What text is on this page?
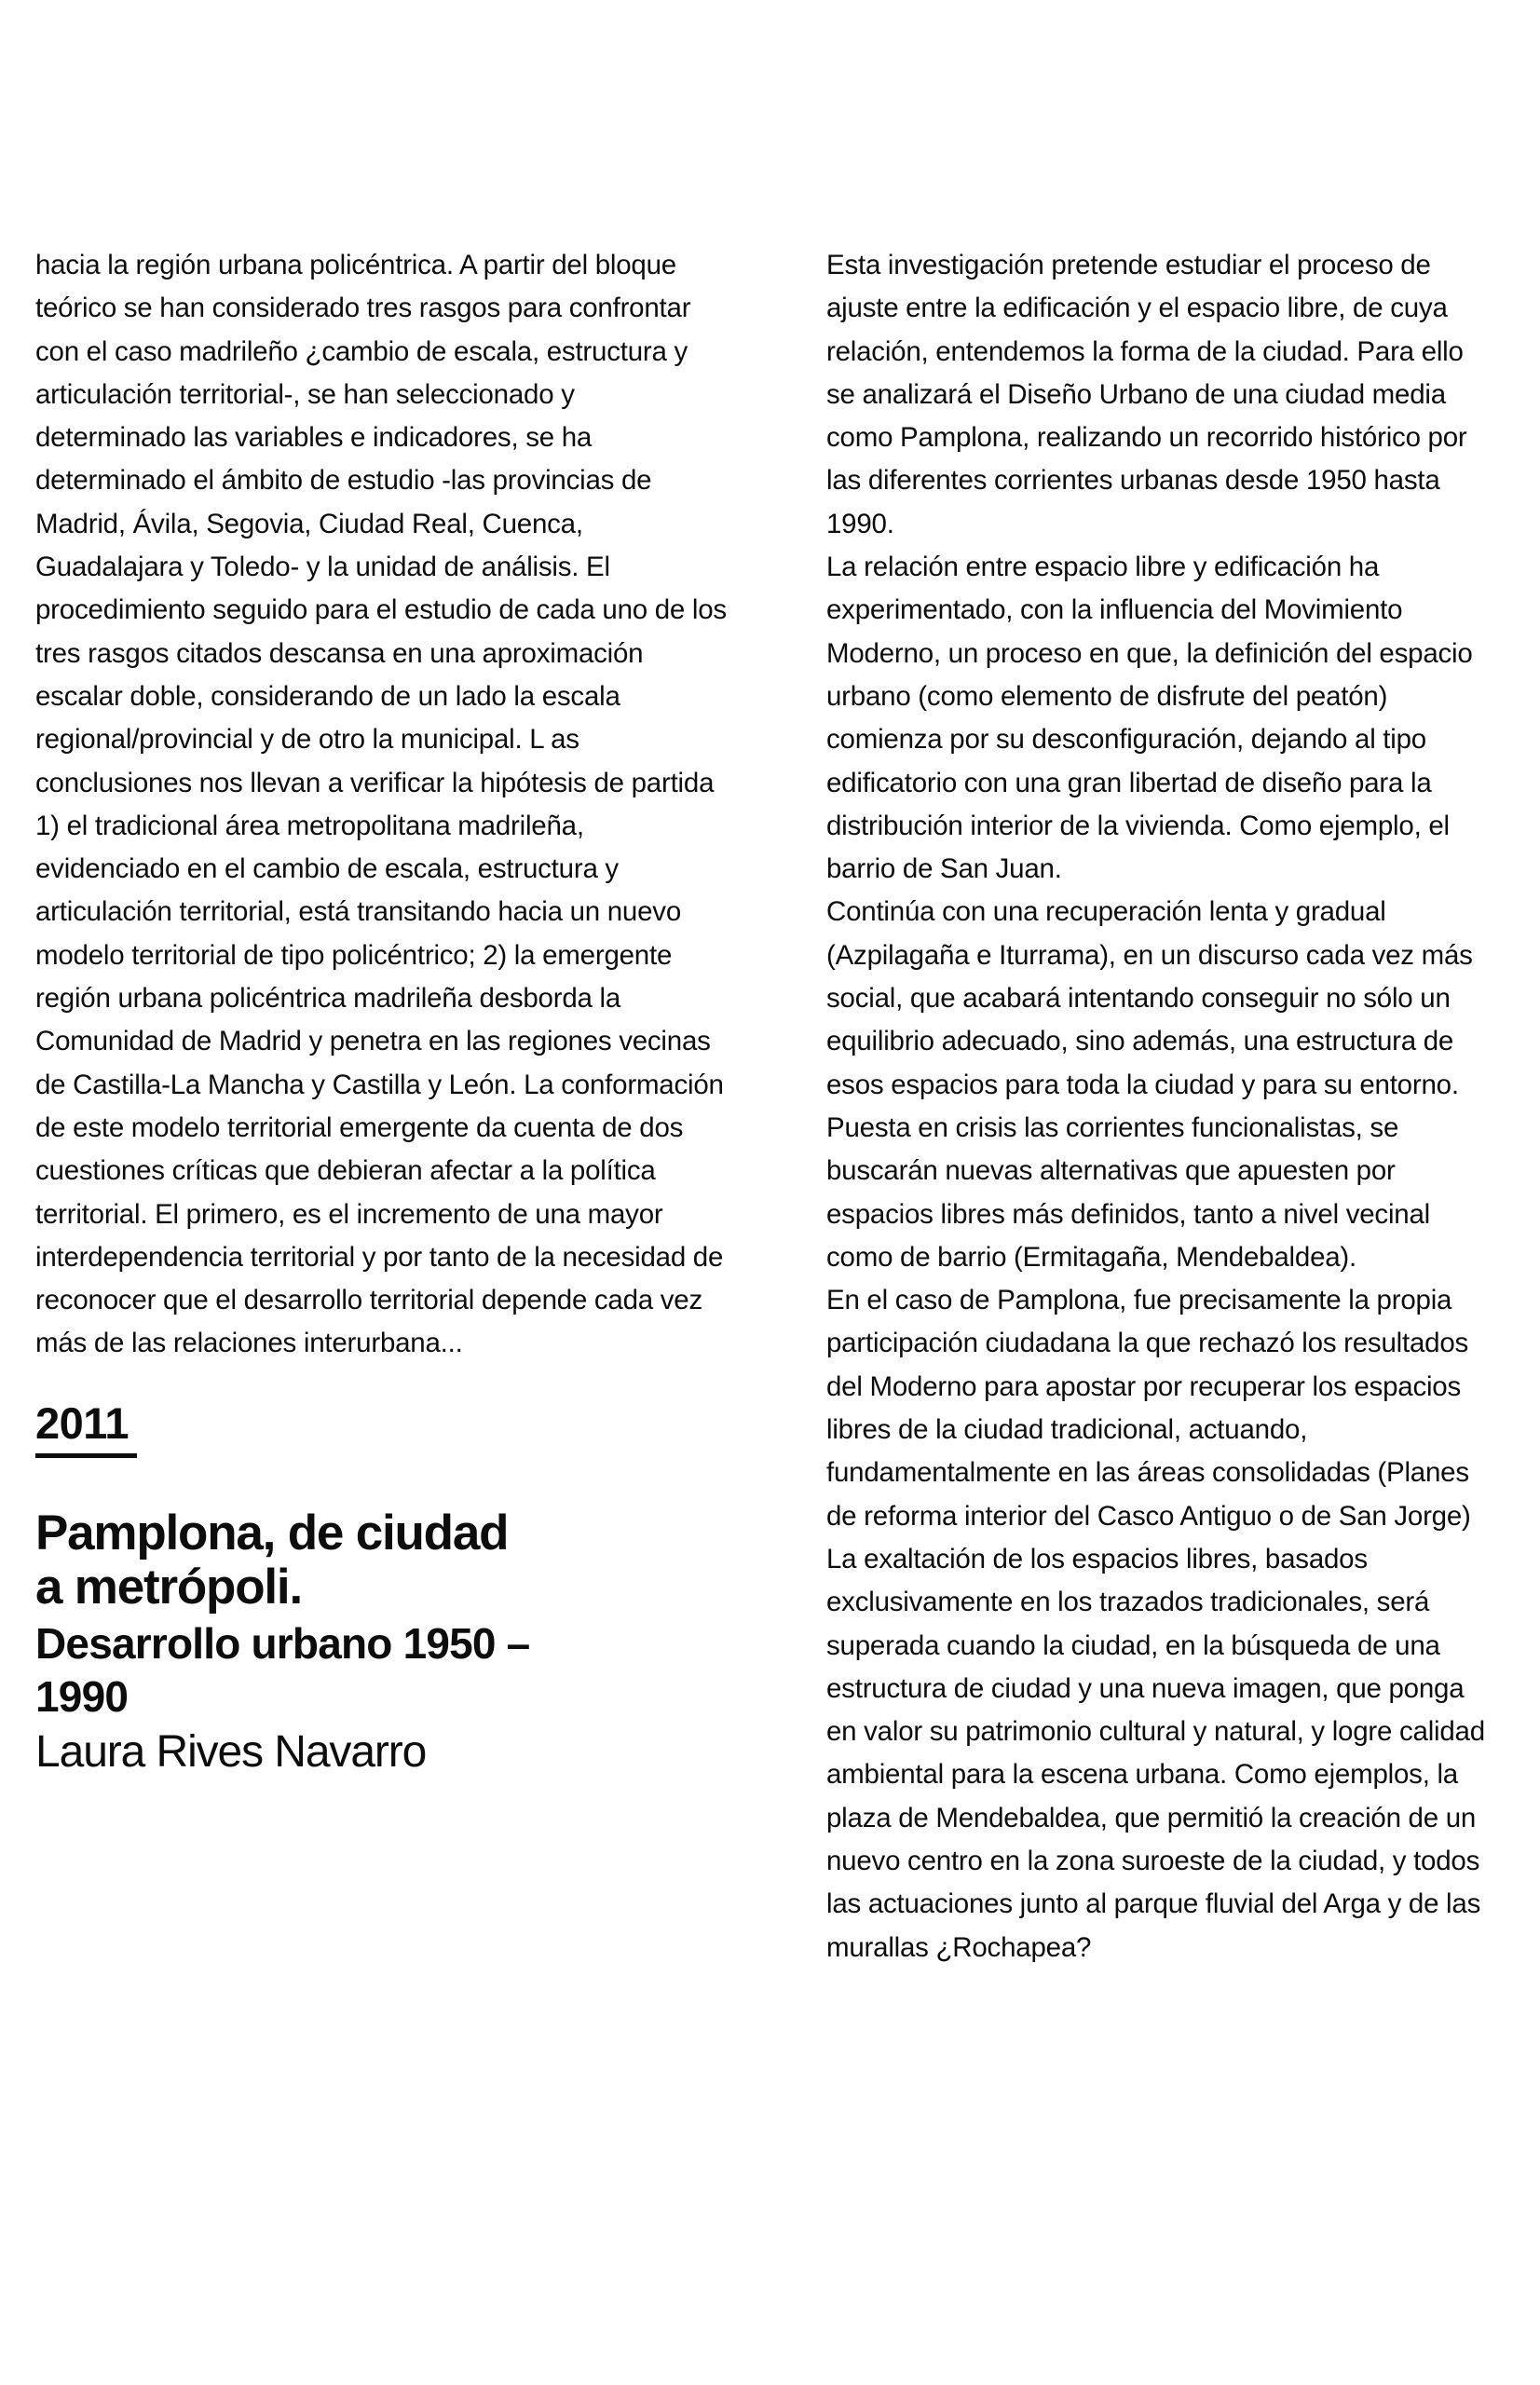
hacia la región urbana policéntrica. A partir del bloque teórico se han considerado tres rasgos para confrontar con el caso madrileño ¿cambio de escala, estructura y articulación territorial-, se han seleccionado y determinado las variables e indicadores, se ha determinado el ámbito de estudio -las provincias de Madrid, Ávila, Segovia, Ciudad Real, Cuenca, Guadalajara y Toledo- y la unidad de análisis. El procedimiento seguido para el estudio de cada uno de los tres rasgos citados descansa en una aproximación escalar doble, considerando de un lado la escala regional/provincial y de otro la municipal. L as conclusiones nos llevan a verificar la hipótesis de partida 1) el tradicional área metropolitana madrileña, evidenciado en el cambio de escala, estructura y articulación territorial, está transitando hacia un nuevo modelo territorial de tipo policéntrico; 2) la emergente región urbana policéntrica madrileña desborda la Comunidad de Madrid y penetra en las regiones vecinas de Castilla-La Mancha y Castilla y León. La conformación de este modelo territorial emergente da cuenta de dos cuestiones críticas que debieran afectar a la política territorial. El primero, es el incremento de una mayor interdependencia territorial y por tanto de la necesidad de reconocer que el desarrollo territorial depende cada vez más de las relaciones interurbana...

2011
Pamplona, de ciudad a metrópoli.
Desarrollo urbano 1950 – 1990
Laura Rives Navarro

Esta investigación pretende estudiar el proceso de ajuste entre la edificación y el espacio libre, de cuya relación, entendemos la forma de la ciudad. Para ello se analizará el Diseño Urbano de una ciudad media como Pamplona, realizando un recorrido histórico por las diferentes corrientes urbanas desde 1950 hasta 1990.

La relación entre espacio libre y edificación ha experimentado, con la influencia del Movimiento Moderno, un proceso en que, la definición del espacio urbano (como elemento de disfrute del peatón) comienza por su desconfiguración, dejando al tipo edificatorio con una gran libertad de diseño para la distribución interior de la vivienda. Como ejemplo, el barrio de San Juan.

Continúa con una recuperación lenta y gradual (Azpilagaña e Iturrama), en un discurso cada vez más social, que acabará intentando conseguir no sólo un equilibrio adecuado, sino además, una estructura de esos espacios para toda la ciudad y para su entorno.

Puesta en crisis las corrientes funcionalistas, se buscarán nuevas alternativas que apuesten por espacios libres más definidos, tanto a nivel vecinal como de barrio (Ermitagaña, Mendebaldea).

En el caso de Pamplona, fue precisamente la propia participación ciudadana la que rechazó los resultados del Moderno para apostar por recuperar los espacios libres de la ciudad tradicional, actuando, fundamentalmente en las áreas consolidadas (Planes de reforma interior del Casco Antiguo o de San Jorge) La exaltación de los espacios libres, basados exclusivamente en los trazados tradicionales, será superada cuando la ciudad, en la búsqueda de una estructura de ciudad y una nueva imagen, que ponga en valor su patrimonio cultural y natural, y logre calidad ambiental para la escena urbana. Como ejemplos, la plaza de Mendebaldea, que permitió la creación de un nuevo centro en la zona suroeste de la ciudad, y todos las actuaciones junto al parque fluvial del Arga y de las murallas ¿Rochapea?
